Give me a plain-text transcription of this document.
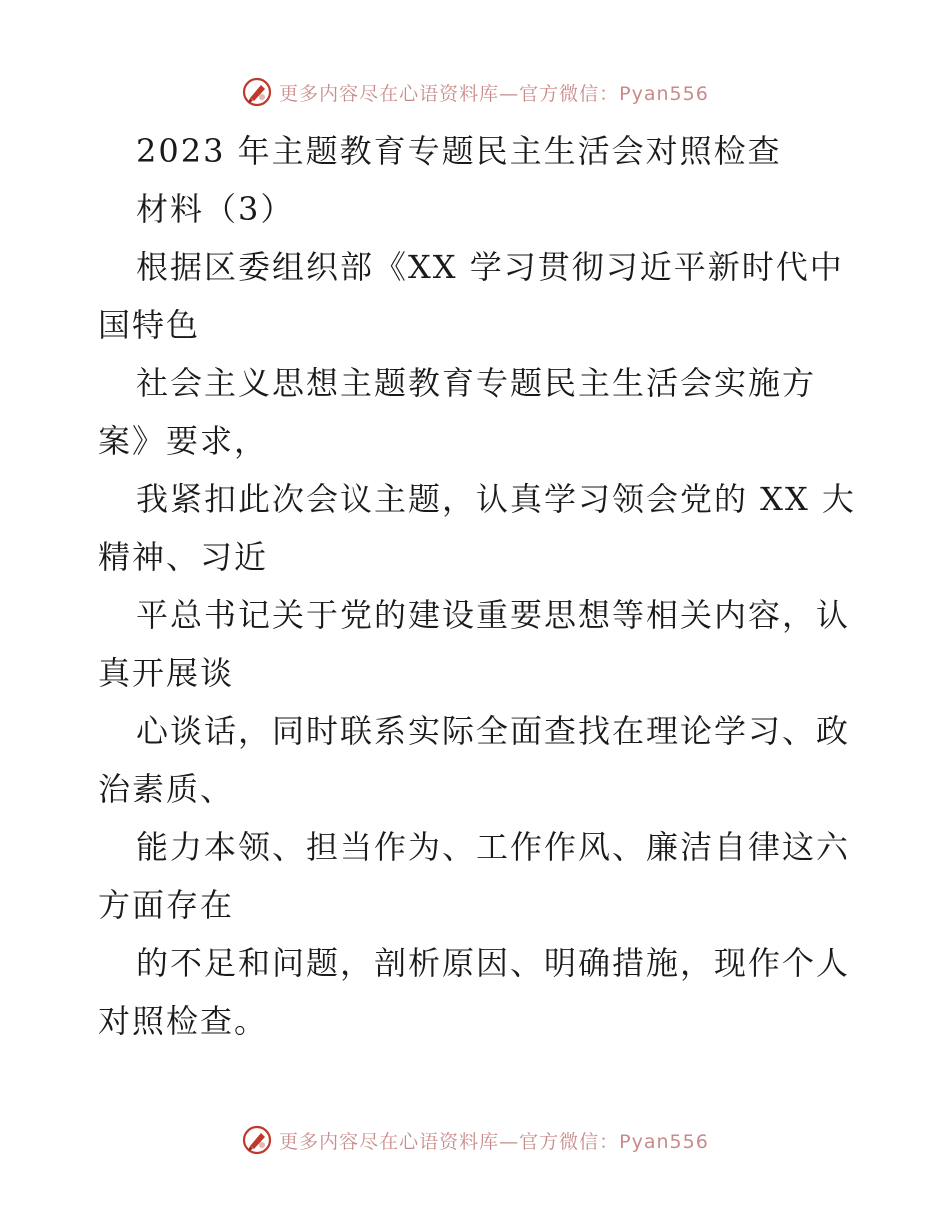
更多内容尽在心语资料库—官方微信：Pyan556
2023 年主题教育专题民主生活会对照检查
材料（3）
根据区委组织部《XX 学习贯彻习近平新时代中
国特色
社会主义思想主题教育专题民主生活会实施方
案》要求，
我紧扣此次会议主题，认真学习领会党的 XX 大
精神、习近
平总书记关于党的建设重要思想等相关内容，认
真开展谈
心谈话，同时联系实际全面查找在理论学习、政
治素质、
能力本领、担当作为、工作作风、廉洁自律这六
方面存在
的不足和问题，剖析原因、明确措施，现作个人
对照检查。
更多内容尽在心语资料库—官方微信：Pyan556
